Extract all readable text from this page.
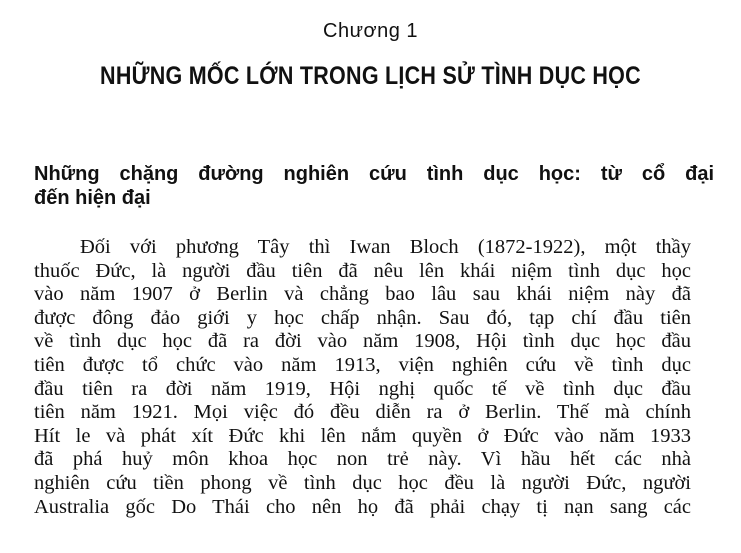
Chương 1
NHỮNG MỐC LỚN TRONG LỊCH SỬ TÌNH DỤC HỌC
Những chặng đường nghiên cứu tình dục học: từ cổ đại
đến hiện đại
Đối với phương Tây thì Iwan Bloch (1872-1922), một thầy
thuốc Đức, là người đầu tiên đã nêu lên khái niệm tình dục học
vào năm 1907 ở Berlin và chẳng bao lâu sau khái niệm này đã
được đông đảo giới y học chấp nhận. Sau đó, tạp chí đầu tiên
về tình dục học đã ra đời vào năm 1908, Hội tình dục học đầu
tiên được tổ chức vào năm 1913, viện nghiên cứu về tình dục
đầu tiên ra đời năm 1919, Hội nghị quốc tế về tình dục đầu
tiên năm 1921. Mọi việc đó đều diễn ra ở Berlin. Thế mà chính
Hít le và phát xít Đức khi lên nắm quyền ở Đức vào năm 1933
đã phá huỷ môn khoa học non trẻ này. Vì hầu hết các nhà
nghiên cứu tiền phong về tình dục học đều là người Đức, người
Australia gốc Do Thái cho nên họ đã phải chạy tị nạn sang các
